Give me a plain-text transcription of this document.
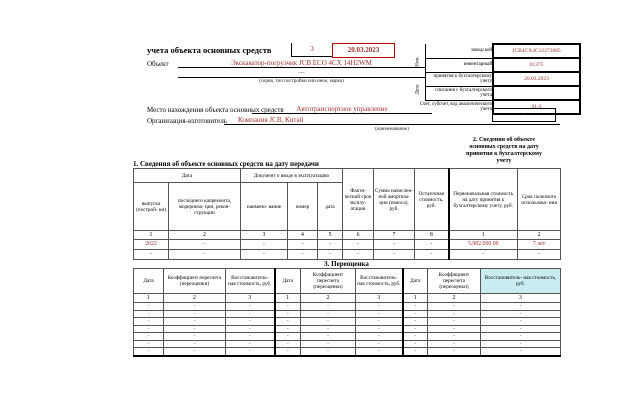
учета объекта основных средств	3	20.03.2023
Объект	Экскаватор-погрузчик JCB ECO 4CX 14H2WM
—
(серия, тип постройки или иное, марка)
Ном.	заводской	JCB4CX4C12272885
	инвентарный	01375
Дата	принятия к бухгалтерскому учету	20.03.2023
	списания с бухгалтерского учета	
Счет, субсчет, код аналитического учета		01-3
-
Место нахождения объекта основных средств	Автотранспортное управление
Организация-изготовитель	Компания JCB, Китай
(наименование)
2. Сведения об объекте
основных средств на дату
принятия к бухгалтерскому
учету
1. Сведения об объекте основных средств на дату передачи
Дата		Документ о вводе в эксплуатацию			Факти- ческий срок эксплу- атации	Сумма начислен- ной амортиза- ции (износа), руб.	Остаточная стоимость, руб.	Первоначальная стоимость на дату принятия к бухгалтерскому учету, руб.	Срок полезного использова- ния
выпуска (построй- ки)	последнего капремонта, модерниза- ции, рекон- струкции	наимено- вание	номер	дата					
1	2	3	4	5	6	7	8	1	2
2022	-	-	-	-	-	-	-	5.982.000.00	7 лет
-	-	-	-	-	-	-	-	-	-
3. Переоценка
Дата	Коэффициент пересчета (переоценки)	Восстановитель- ная стоимость, руб.	Дата	Коэффициент пересчета (переоценки)	Восстановитель- ная стоимость, руб.	Дата	Коэффициент пересчета (переоценки)	Восстановитель- ная стоимость, руб.
1	2	3	1	2	3	1	2	3
-	-	-	-	-	-	-	-	-
-	-	-	-	-	-	-	-	-
-	-	-	-	-	-	-	-	-
-	-	-	-	-	-	-	-	-
-	-	-	-	-	-	-	-	-
-	-	-	-	-	-	-	-	-
-	-	-	-	-	-	-	-	-
